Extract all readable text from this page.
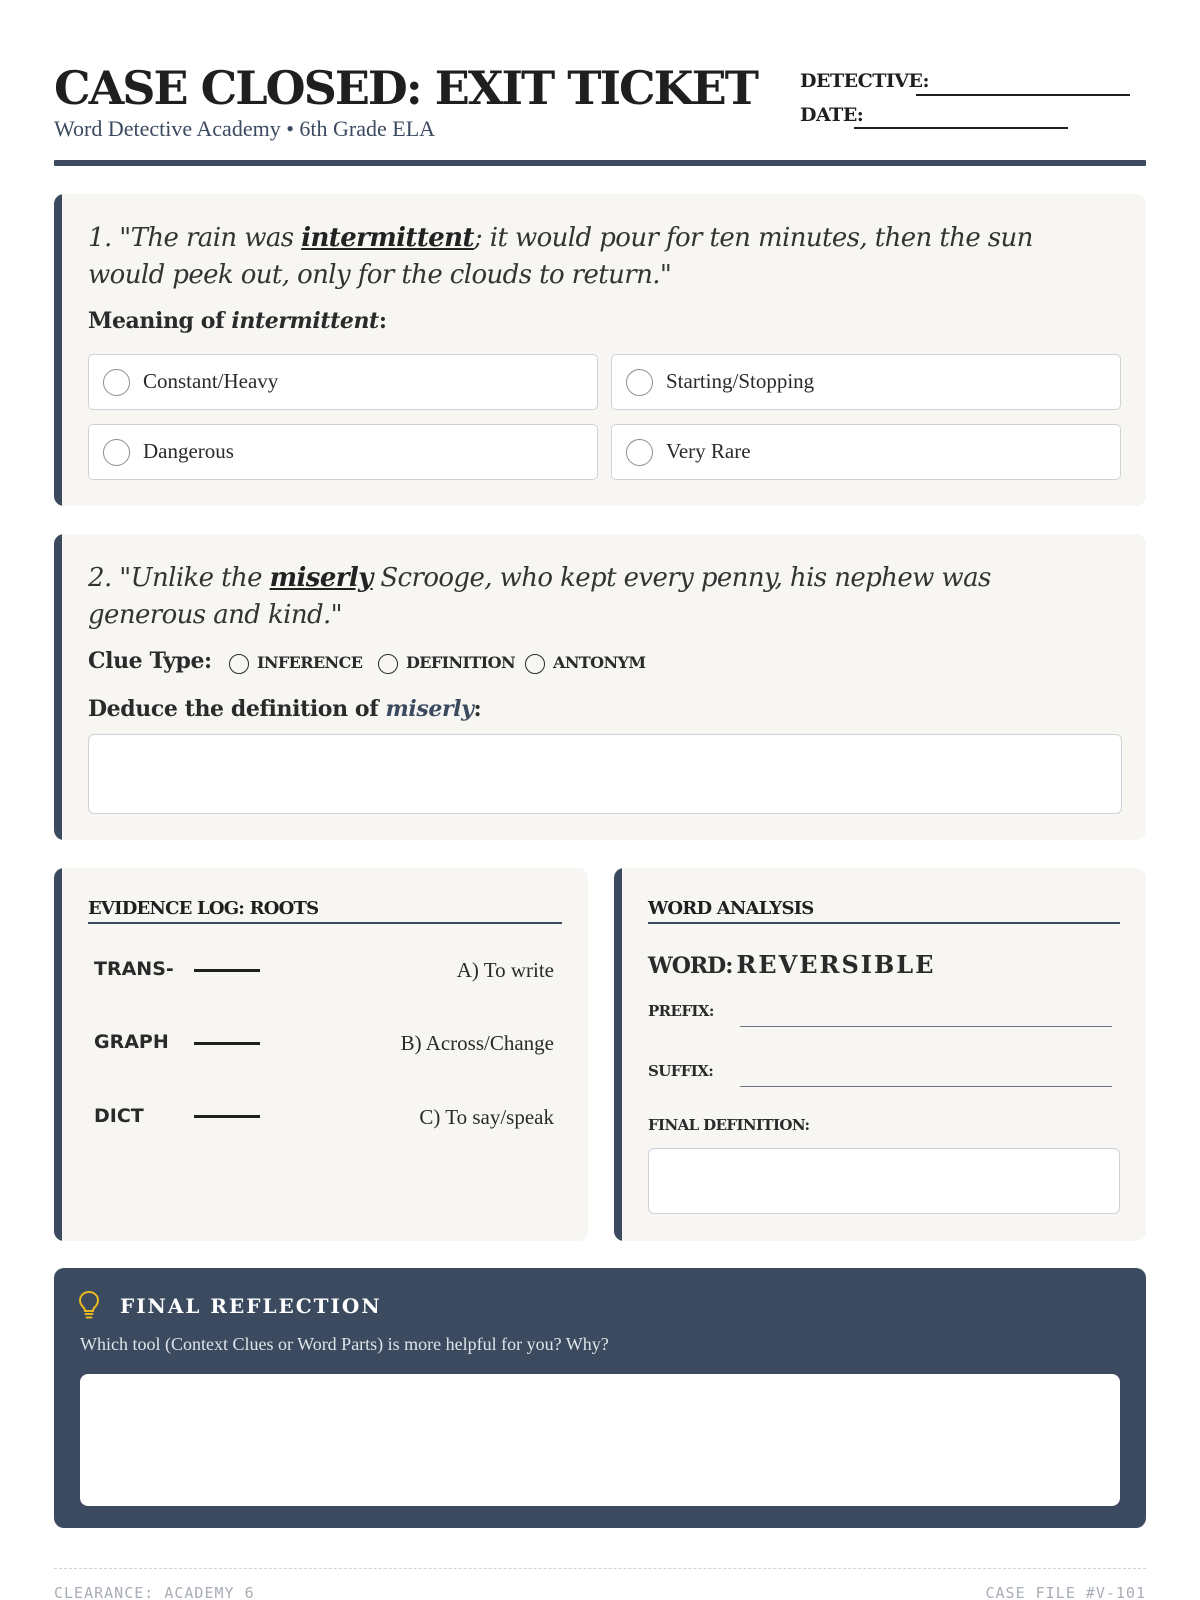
CASE CLOSED: EXIT TICKET
Word Detective Academy • 6th Grade ELA
DETECTIVE:
DATE:
1. "The rain was intermittent; it would pour for ten minutes, then the sun would peek out, only for the clouds to return."
Meaning of intermittent:
Constant/Heavy	Starting/Stopping
Dangerous	Very Rare
2. "Unlike the miserly Scrooge, who kept every penny, his nephew was generous and kind."
Clue Type:	INFERENCE	DEFINITION ANTONYM
Deduce the definition of miserly:
EVIDENCE LOG: ROOTS
TRANS-	A) To write
GRAPH	B) Across/Change
DICT	C) To say/speak
WORD ANALYSIS
WORD: REVERSIBLE
PREFIX:
SUFFIX:
FINAL DEFINITION:
FINAL REFLECTION
Which tool (Context Clues or Word Parts) is more helpful for you? Why?
CLEARANCE: ACADEMY 6	CASE FILE #V-101
